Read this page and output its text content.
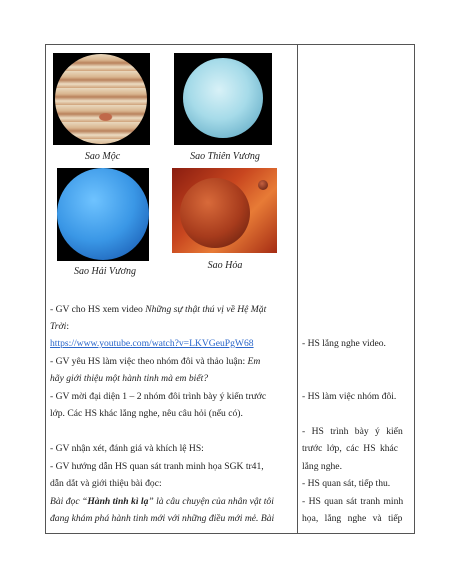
Sao Mộc	Sao Thiên Vương
Sao Hỏa
Sao Hải Vương
- GV cho HS xem video Những sự thật thú vị về Hệ Mặt
Trời:
https://www.youtube.com/watch?v=LKVGeuPgW68
- GV yêu HS làm việc theo nhóm đôi và thảo luận: Em
hãy giới thiệu một hành tinh mà em biết?
- GV mời đại diện 1 – 2 nhóm đôi trình bày ý kiến trước
lớp. Các HS khác lắng nghe, nêu câu hỏi (nếu có).
- GV nhận xét, đánh giá và khích lệ HS:
- GV hướng dẫn HS quan sát tranh minh họa SGK tr41,
dẫn dắt và giới thiệu bài đọc:
Bài đọc “Hành tinh kì lạ” là câu chuyện của nhân vật tôi
đang khám phá hành tinh mới với những điều mới mẻ. Bài
- HS lắng nghe video.
- HS làm việc nhóm đôi.
- HS trình bày ý kiến
trước lớp, các HS khác
lắng nghe.
- HS quan sát, tiếp thu.
- HS quan sát tranh minh
họa, lắng nghe và tiếp
